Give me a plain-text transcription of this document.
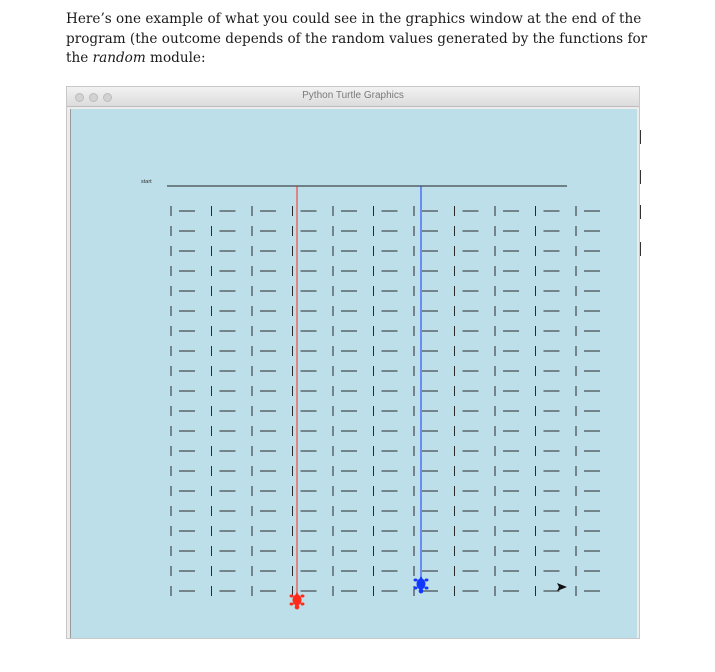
Here’s one example of what you could see in the graphics window at the end of the
program (the outcome depends of the random values generated by the functions for
the random module:
Python Turtle Graphics
start
